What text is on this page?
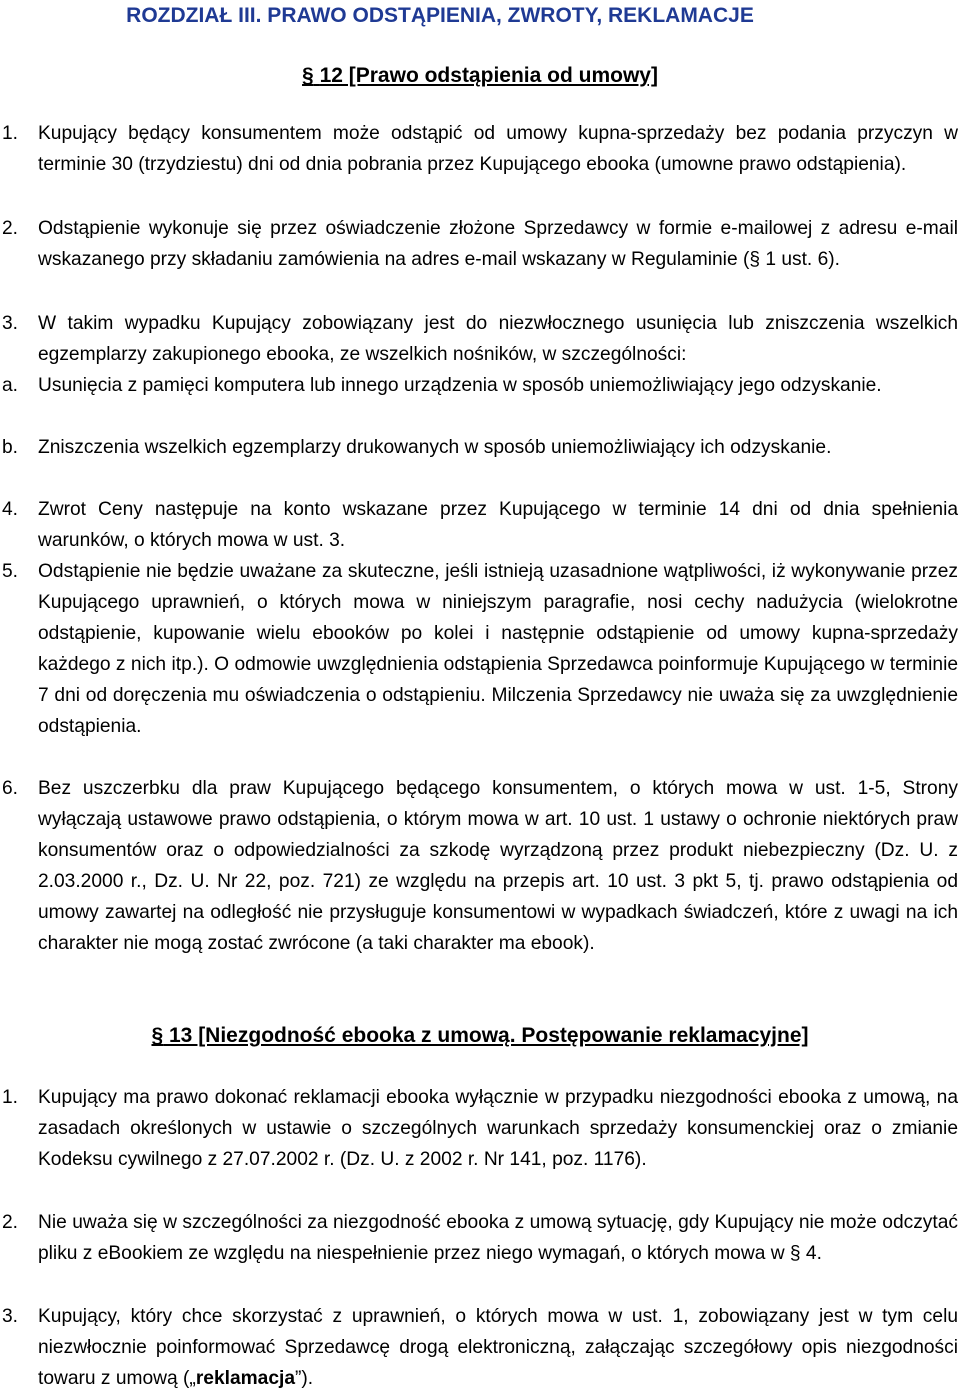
ROZDZIAŁ III. PRAWO ODSTĄPIENIA, ZWROTY, REKLAMACJE
§ 12 [Prawo odstąpienia od umowy]
1. Kupujący będący konsumentem może odstąpić od umowy kupna-sprzedaży bez podania przyczyn w terminie 30 (trzydziestu) dni od dnia pobrania przez Kupującego ebooka (umowne prawo odstąpienia).
2. Odstąpienie wykonuje się przez oświadczenie złożone Sprzedawcy w formie e-mailowej z adresu e-mail wskazanego przy składaniu zamówienia na adres e-mail wskazany w Regulaminie (§ 1 ust. 6).
3. W takim wypadku Kupujący zobowiązany jest do niezwłocznego usunięcia lub zniszczenia wszelkich egzemplarzy zakupionego ebooka, ze wszelkich nośników, w szczególności:
a. Usunięcia z pamięci komputera lub innego urządzenia w sposób uniemożliwiający jego odzyskanie.
b. Zniszczenia wszelkich egzemplarzy drukowanych w sposób uniemożliwiający ich odzyskanie.
4. Zwrot Ceny następuje na konto wskazane przez Kupującego w terminie 14 dni od dnia spełnienia warunków, o których mowa w ust. 3.
5. Odstąpienie nie będzie uważane za skuteczne, jeśli istnieją uzasadnione wątpliwości, iż wykonywanie przez Kupującego uprawnień, o których mowa w niniejszym paragrafie, nosi cechy nadużycia (wielokrotne odstąpienie, kupowanie wielu ebooków po kolei i następnie odstąpienie od umowy kupna-sprzedaży każdego z nich itp.). O odmowie uwzględnienia odstąpienia Sprzedawca poinformuje Kupującego w terminie 7 dni od doręczenia mu oświadczenia o odstąpieniu. Milczenia Sprzedawcy nie uważa się za uwzględnienie odstąpienia.
6. Bez uszczerbku dla praw Kupującego będącego konsumentem, o których mowa w ust. 1-5, Strony wyłączają ustawowe prawo odstąpienia, o którym mowa w art. 10 ust. 1 ustawy o ochronie niektórych praw konsumentów oraz o odpowiedzialności za szkodę wyrządzoną przez produkt niebezpieczny (Dz. U. z 2.03.2000 r., Dz. U. Nr 22, poz. 721) ze względu na przepis art. 10 ust. 3 pkt 5, tj. prawo odstąpienia od umowy zawartej na odległość nie przysługuje konsumentowi w wypadkach świadczeń, które z uwagi na ich charakter nie mogą zostać zwrócone (a taki charakter ma ebook).
§ 13 [Niezgodność ebooka z umową. Postępowanie reklamacyjne]
1. Kupujący ma prawo dokonać reklamacji ebooka wyłącznie w przypadku niezgodności ebooka z umową, na zasadach określonych w ustawie o szczególnych warunkach sprzedaży konsumenckiej oraz o zmianie Kodeksu cywilnego z 27.07.2002 r. (Dz. U. z 2002 r. Nr 141, poz. 1176).
2. Nie uważa się w szczególności za niezgodność ebooka z umową sytuację, gdy Kupujący nie może odczytać pliku z eBookiem ze względu na niespełnienie przez niego wymagań, o których mowa w § 4.
3. Kupujący, który chce skorzystać z uprawnień, o których mowa w ust. 1, zobowiązany jest w tym celu niezwłocznie poinformować Sprzedawcę drogą elektroniczną, załączając szczegółowy opis niezgodności towaru z umową („reklamacja”).
